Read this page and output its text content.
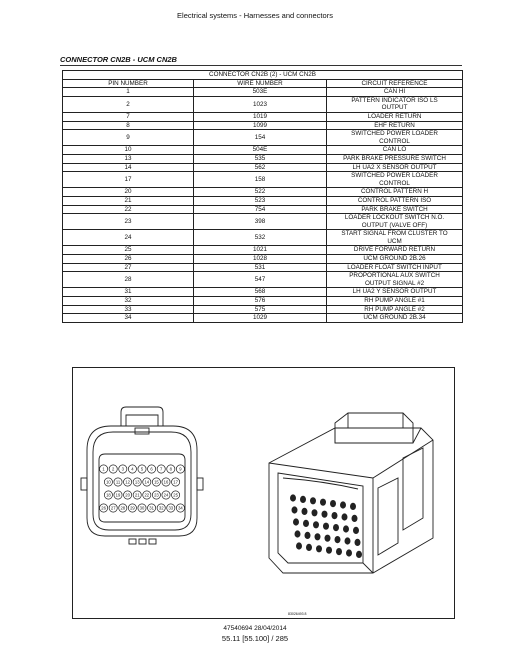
Electrical systems - Harnesses and connectors
CONNECTOR CN2B - UCM CN2B
CONNECTOR CN2B (2) - UCM CN2B		
PIN NUMBER	WIRE NUMBER	CIRCUIT REFERENCE
1	503E	CAN HI
2	1023	PATTERN INDICATOR ISO LS OUTPUT
7	1019	LOADER RETURN
8	1099	EHF RETURN
9	154	SWITCHED POWER LOADER CONTROL
10	504E	CAN LO
13	535	PARK BRAKE PRESSURE SWITCH
14	562	LH UA2 X SENSOR OUTPUT
17	158	SWITCHED POWER LOADER CONTROL
20	522	CONTROL PATTERN H
21	523	CONTROL PATTERN ISO
22	754	PARK BRAKE SWITCH
23	398	LOADER LOCKOUT SWITCH N.O. OUTPUT (VALVE OFF)
24	532	START SIGNAL FROM CLUSTER TO UCM
25	1021	DRIVE FORWARD RETURN
26	1028	UCM GROUND 2B.26
27	531	LOADER FLOAT SWITCH INPUT
28	547	PROPORTIONAL AUX SWITCH OUTPUT SIGNAL #2
31	568	LH UA2 Y SENSOR OUTPUT
32	576	RH PUMP ANGLE #1
33	575	RH PUMP ANGLE #2
34	1029	UCM GROUND 2B.34
1 2 3 4 5 6 7 8 9
10 11 12 13 14 15 16 17
18 19 20 21 22 23 24 25
26 27 28 29 30 31 32 33 34
83026493 8
47540694 28/04/2014
55.11 [55.100] / 285
